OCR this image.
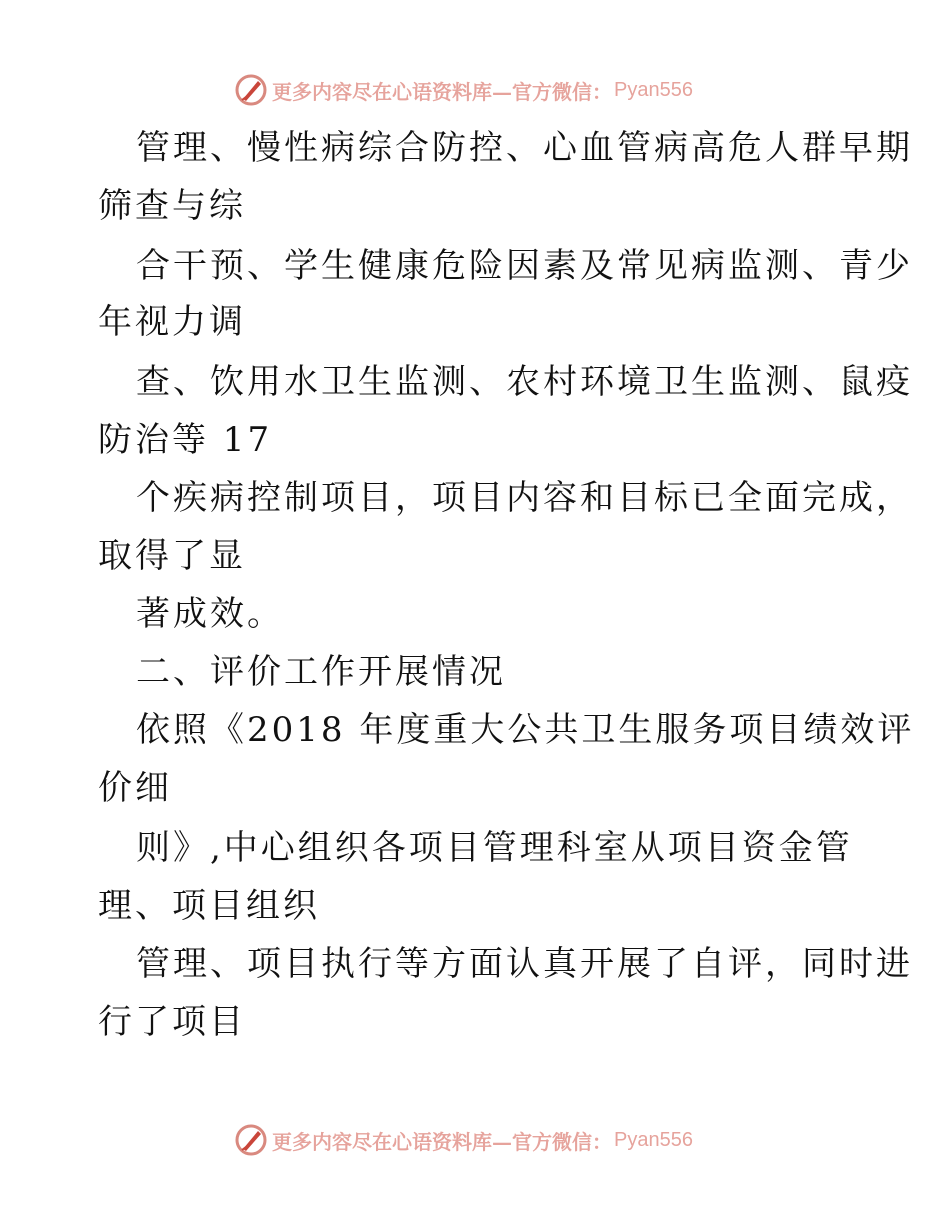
更多内容尽在心语资料库—官方微信： Pyan556
管理、慢性病综合防控、心血管病高危人群早期
筛查与综
合干预、学生健康危险因素及常见病监测、青少
年视力调
查、饮用水卫生监测、农村环境卫生监测、鼠疫
防治等 17
个疾病控制项目，项目内容和目标已全面完成，
取得了显
著成效。
二、评价工作开展情况
依照《2018 年度重大公共卫生服务项目绩效评
价细
则》,中心组织各项目管理科室从项目资金管
理、项目组织
管理、项目执行等方面认真开展了自评，同时进
行了项目
更多内容尽在心语资料库—官方微信： Pyan556
